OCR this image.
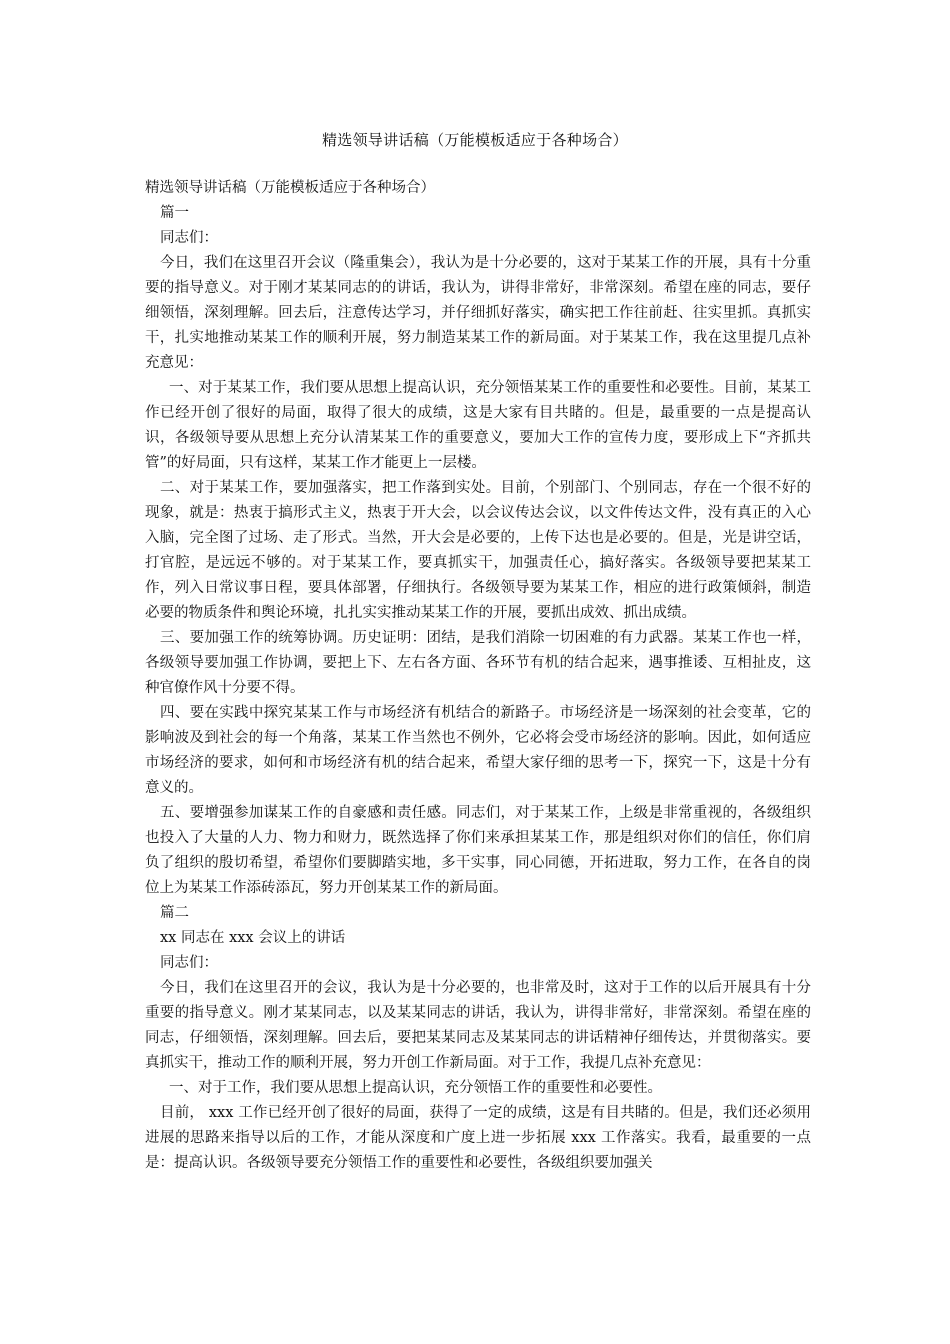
精选领导讲话稿（万能模板适应于各种场合）

精选领导讲话稿（万能模板适应于各种场合）

篇一

同志们：

今日，我们在这里召开会议（隆重集会），我认为是十分必要的，这对于某某工作的开展，具有十分重要的指导意义。对于刚才某某同志的的讲话，我认为，讲得非常好，非常深刻。希望在座的同志，要仔细领悟，深刻理解。回去后，注意传达学习，并仔细抓好落实，确实把工作往前赶、往实里抓。真抓实干，扎实地推动某某工作的顺利开展，努力制造某某工作的新局面。对于某某工作，我在这里提几点补充意见：

一、对于某某工作，我们要从思想上提高认识，充分领悟某某工作的重要性和必要性。目前，某某工作已经开创了很好的局面，取得了很大的成绩，这是大家有目共睹的。但是，最重要的一点是提高认识，各级领导要从思想上充分认清某某工作的重要意义，要加大工作的宣传力度，要形成上下“齐抓共管”的好局面，只有这样，某某工作才能更上一层楼。

二、对于某某工作，要加强落实，把工作落到实处。目前，个别部门、个别同志，存在一个很不好的现象，就是：热衷于搞形式主义，热衷于开大会，以会议传达会议，以文件传达文件，没有真正的入心入脑，完全图了过场、走了形式。当然，开大会是必要的，上传下达也是必要的。但是，光是讲空话，打官腔，是远远不够的。对于某某工作，要真抓实干，加强责任心，搞好落实。各级领导要把某某工作，列入日常议事日程，要具体部署，仔细执行。各级领导要为某某工作，相应的进行政策倾斜，制造必要的物质条件和舆论环境，扎扎实实推动某某工作的开展，要抓出成效、抓出成绩。

三、要加强工作的统筹协调。历史证明：团结，是我们消除一切困难的有力武器。某某工作也一样，各级领导要加强工作协调，要把上下、左右各方面、各环节有机的结合起来，遇事推诿、互相扯皮，这种官僚作风十分要不得。

四、要在实践中探究某某工作与市场经济有机结合的新路子。市场经济是一场深刻的社会变革，它的影响波及到社会的每一个角落，某某工作当然也不例外，它必将会受市场经济的影响。因此，如何适应市场经济的要求，如何和市场经济有机的结合起来，希望大家仔细的思考一下，探究一下，这是十分有意义的。

五、要增强参加谋某工作的自豪感和责任感。同志们，对于某某工作，上级是非常重视的，各级组织也投入了大量的人力、物力和财力，既然选择了你们来承担某某工作，那是组织对你们的信任，你们肩负了组织的殷切希望，希望你们要脚踏实地，多干实事，同心同德，开拓进取，努力工作，在各自的岗位上为某某工作添砖添瓦，努力开创某某工作的新局面。

篇二

xx 同志在 xxx 会议上的讲话

同志们：

今日，我们在这里召开的会议，我认为是十分必要的，也非常及时，这对于工作的以后开展具有十分重要的指导意义。刚才某某同志，以及某某同志的讲话，我认为，讲得非常好，非常深刻。希望在座的同志，仔细领悟，深刻理解。回去后，要把某某同志及某某同志的讲话精神仔细传达，并贯彻落实。要真抓实干，推动工作的顺利开展，努力开创工作新局面。对于工作，我提几点补充意见：

一、对于工作，我们要从思想上提高认识，充分领悟工作的重要性和必要性。

目前， xxx 工作已经开创了很好的局面，获得了一定的成绩，这是有目共睹的。但是，我们还必须用进展的思路来指导以后的工作，才能从深度和广度上进一步拓展 xxx 工作落实。我看，最重要的一点是：提高认识。各级领导要充分领悟工作的重要性和必要性，各级组织要加强关
